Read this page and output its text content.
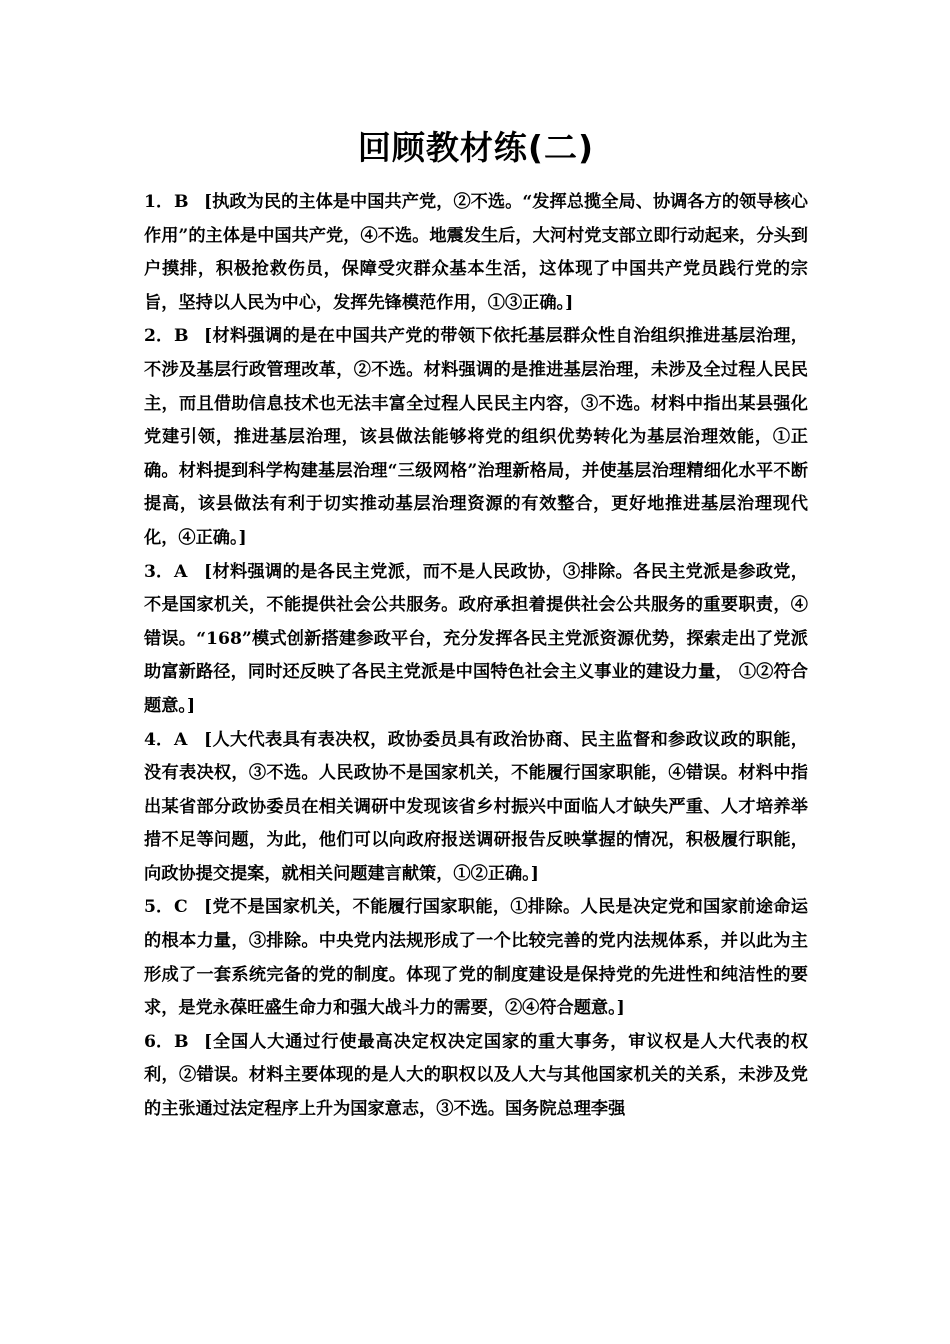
回顾教材练(二)

1．B [执政为民的主体是中国共产党，②不选。“发挥总揽全局、协调各方的领导核心作用”的主体是中国共产党，④不选。地震发生后，大河村党支部立即行动起来，分头到户摸排，积极抢救伤员，保障受灾群众基本生活，这体现了中国共产党员践行党的宗旨，坚持以人民为中心，发挥先锋模范作用，①③正确。]

2．B [材料强调的是在中国共产党的带领下依托基层群众性自治组织推进基层治理，不涉及基层行政管理改革，②不选。材料强调的是推进基层治理，未涉及全过程人民民主，而且借助信息技术也无法丰富全过程人民民主内容，③不选。材料中指出某县强化党建引领，推进基层治理，该县做法能够将党的组织优势转化为基层治理效能，①正确。材料提到科学构建基层治理“三级网格”治理新格局，并使基层治理精细化水平不断提高，该县做法有利于切实推动基层治理资源的有效整合，更好地推进基层治理现代化，④正确。]

3．A [材料强调的是各民主党派，而不是人民政协，③排除。各民主党派是参政党，不是国家机关，不能提供社会公共服务。政府承担着提供社会公共服务的重要职责，④错误。“168”模式创新搭建参政平台，充分发挥各民主党派资源优势，探索走出了党派助富新路径，同时还反映了各民主党派是中国特色社会主义事业的建设力量， ①②符合题意。]

4．A [人大代表具有表决权，政协委员具有政治协商、民主监督和参政议政的职能，没有表决权，③不选。人民政协不是国家机关，不能履行国家职能，④错误。材料中指出某省部分政协委员在相关调研中发现该省乡村振兴中面临人才缺失严重、人才培养举措不足等问题，为此，他们可以向政府报送调研报告反映掌握的情况，积极履行职能，向政协提交提案，就相关问题建言献策，①②正确。]

5．C [党不是国家机关，不能履行国家职能，①排除。人民是决定党和国家前途命运的根本力量，③排除。中央党内法规形成了一个比较完善的党内法规体系，并以此为主形成了一套系统完备的党的制度。体现了党的制度建设是保持党的先进性和纯洁性的要求，是党永葆旺盛生命力和强大战斗力的需要，②④符合题意。]

6．B [全国人大通过行使最高决定权决定国家的重大事务，审议权是人大代表的权利，②错误。材料主要体现的是人大的职权以及人大与其他国家机关的关系，未涉及党的主张通过法定程序上升为国家意志，③不选。国务院总理李强
